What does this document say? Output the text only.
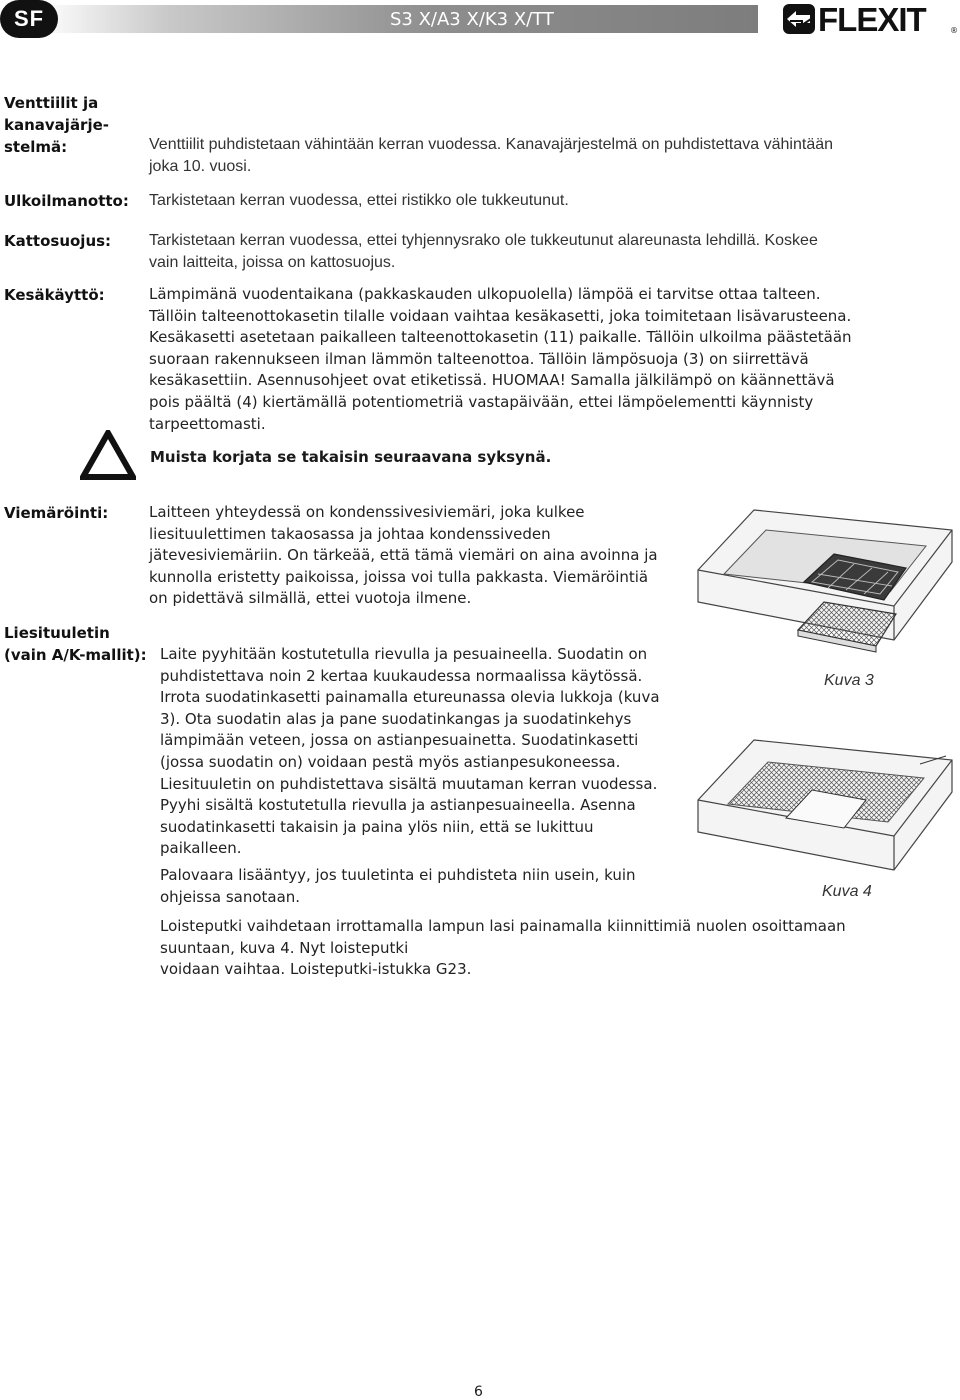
SF	S3 X/A3 X/K3 X/TT	FLEXIT	®
Venttiilit ja
kanavajärje-
stelmä:	Venttiilit puhdistetaan vähintään kerran vuodessa. Kanavajärjestelmä on puhdistettava vähintään
joka 10. vuosi.
Ulkoilmanotto: Tarkistetaan kerran vuodessa, ettei ristikko ole tukkeutunut.
Kattosuojus: Tarkistetaan kerran vuodessa, ettei tyhjennysrako ole tukkeutunut alareunasta lehdillä. Koskee
vain laitteita, joissa on kattosuojus.
Kesäkäyttö:	Lämpimänä vuodentaikana (pakkaskauden ulkopuolella) lämpöä ei tarvitse ottaa talteen.
Tällöin talteenottokasetin tilalle voidaan vaihtaa kesäkasetti, joka toimitetaan lisävarusteena.
Kesäkasetti asetetaan paikalleen talteenottokasetin (11) paikalle. Tällöin ulkoilma päästetään
suoraan rakennukseen ilman lämmön talteenottoa. Tällöin lämpösuoja (3) on siirrettävä
kesäkasettiin. Asennusohjeet ovat etiketissä. HUOMAA! Samalla jälkilämpö on käännettävä
pois päältä (4) kiertämällä potentiometriä vastapäivään, ettei lämpöelementti käynnisty
tarpeettomasti.
Muista korjata se takaisin seuraavana syksynä.
Viemäröinti:	Laitteen yhteydessä on kondenssivesiviemäri, joka kulkee
liesituulettimen takaosassa ja johtaa kondenssiveden
jätevesiviemäriin. On tärkeää, että tämä viemäri on aina avoinna ja
kunnolla eristetty paikoissa, joissa voi tulla pakkasta. Viemäröintiä
on pidettävä silmällä, ettei vuotoja ilmene.
Liesituuletin
(vain A/K-mallit): Laite pyyhitään kostutetulla rievulla ja pesuaineella. Suodatin on
puhdistettava noin 2 kertaa kuukaudessa normaalissa käytössä.
Irrota suodatinkasetti painamalla etureunassa olevia lukkoja (kuva
3). Ota suodatin alas ja pane suodatinkangas ja suodatinkehys
lämpimään veteen, jossa on astianpesuainetta. Suodatinkasetti
(jossa suodatin on) voidaan pestä myös astianpesukoneessa.
Liesituuletin on puhdistettava sisältä muutaman kerran vuodessa.
Pyyhi sisältä kostutetulla rievulla ja astianpesuaineella. Asenna
suodatinkasetti takaisin ja paina ylös niin, että se lukittuu
paikalleen.
Palovaara lisääntyy, jos tuuletinta ei puhdisteta niin usein, kuin
ohjeissa sanotaan.
Loisteputki vaihdetaan irrottamalla lampun lasi painamalla kiinnittimiä nuolen osoittamaan
suuntaan, kuva 4. Nyt loisteputki
voidaan vaihtaa. Loisteputki-istukka G23.
Kuva 3
Kuva 4
6
